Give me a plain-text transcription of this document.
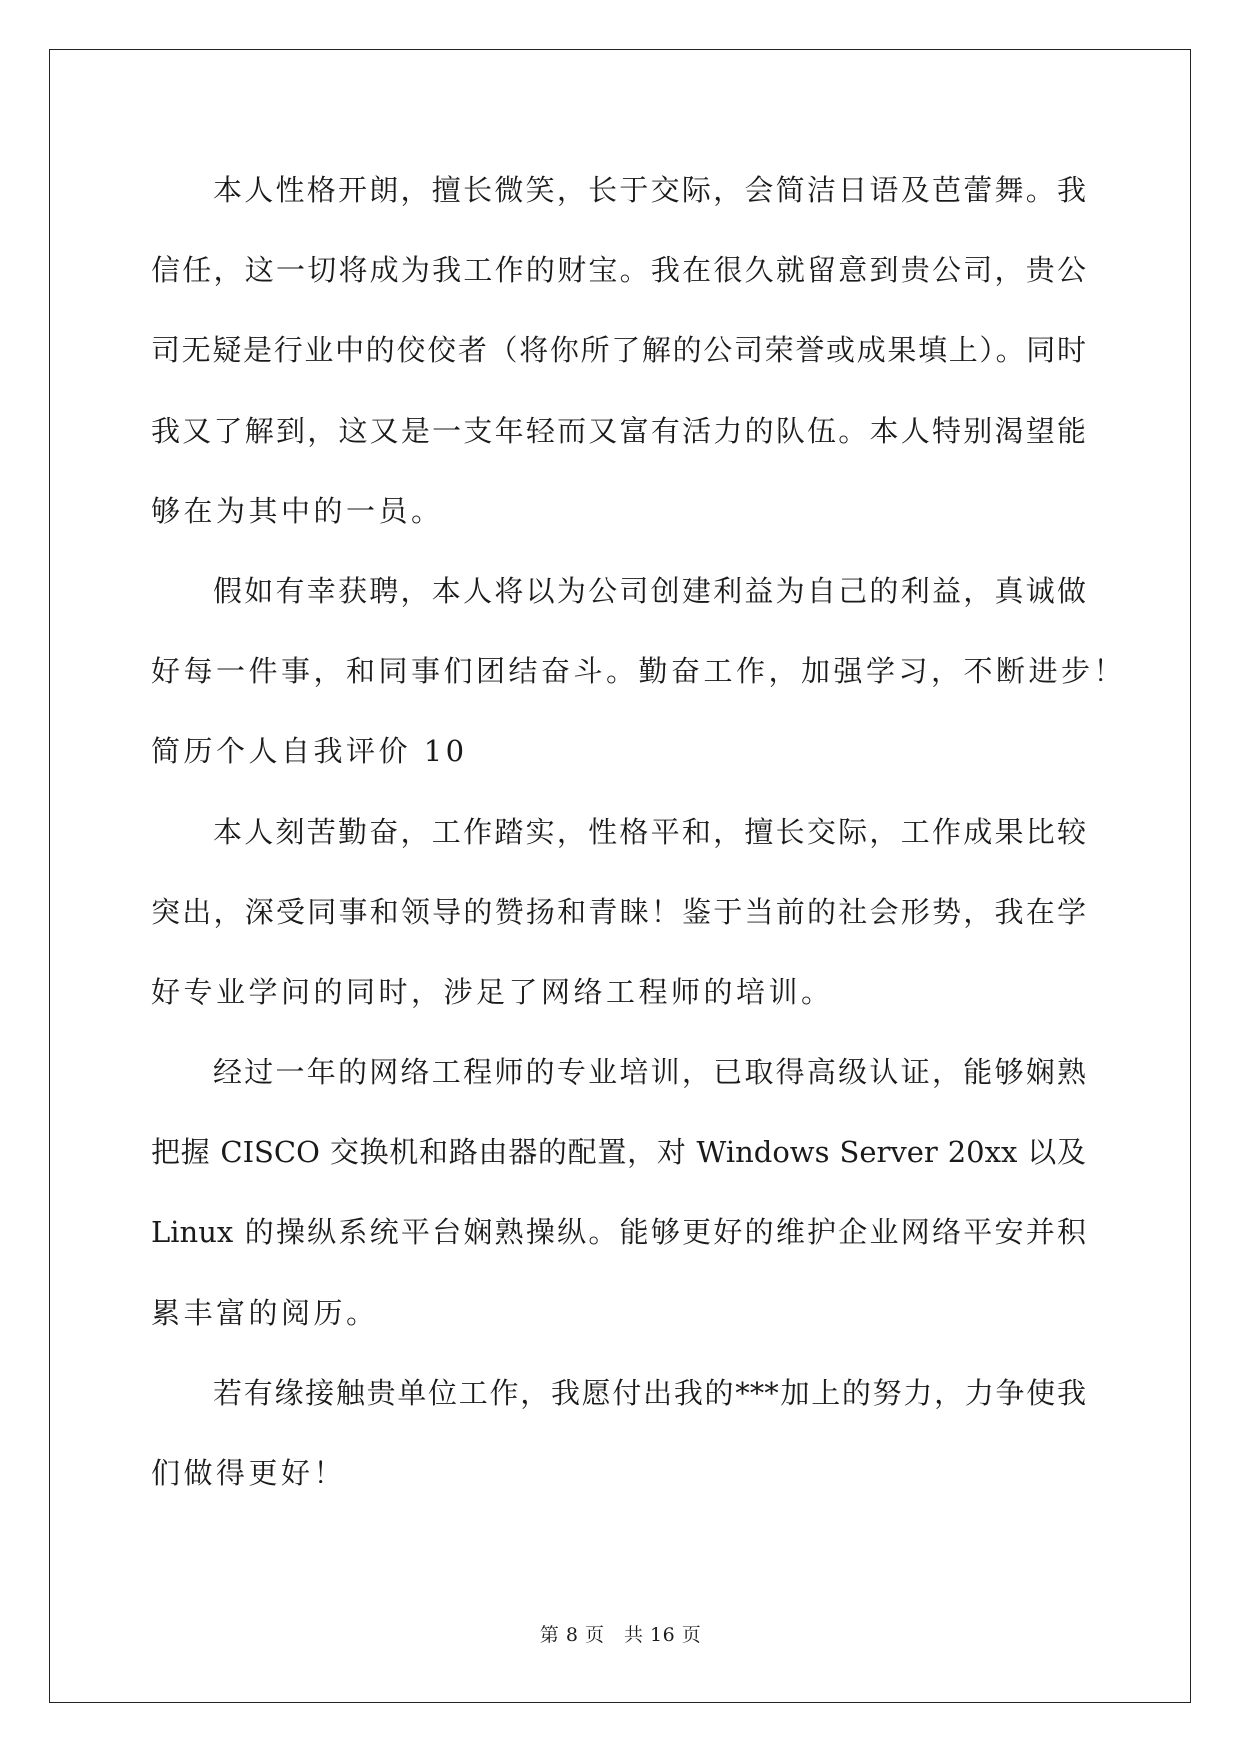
本人性格开朗，擅长微笑，长于交际，会简洁日语及芭蕾舞。我
信任，这一切将成为我工作的财宝。我在很久就留意到贵公司，贵公
司无疑是行业中的佼佼者（将你所了解的公司荣誉或成果填上）。同时
我又了解到，这又是一支年轻而又富有活力的队伍。本人特别渴望能
够在为其中的一员。
假如有幸获聘，本人将以为公司创建利益为自己的利益，真诚做
好每一件事，和同事们团结奋斗。勤奋工作，加强学习，不断进步！
简历个人自我评价 10
本人刻苦勤奋，工作踏实，性格平和，擅长交际，工作成果比较
突出，深受同事和领导的赞扬和青睐！鉴于当前的社会形势，我在学
好专业学问的同时，涉足了网络工程师的培训。
经过一年的网络工程师的专业培训，已取得高级认证，能够娴熟
把握 CISCO 交换机和路由器的配置，对 Windows Server 20xx 以及
Linux 的操纵系统平台娴熟操纵。能够更好的维护企业网络平安并积
累丰富的阅历。
若有缘接触贵单位工作，我愿付出我的***加上的努力，力争使我
们做得更好！
第 8 页　共 16 页
